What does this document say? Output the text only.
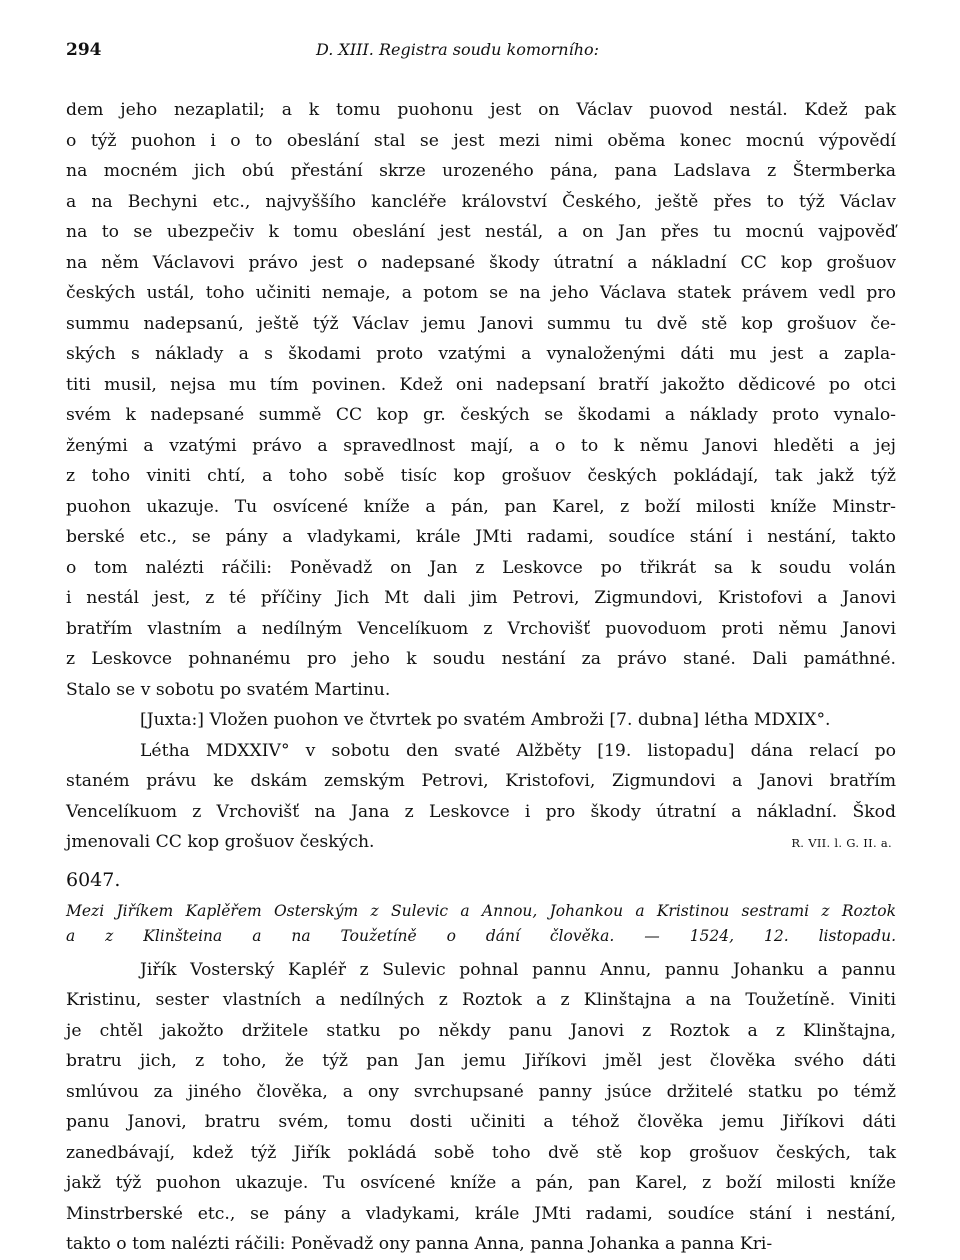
294	D. XIII. Registra soudu komorního:
dem jeho nezaplatil; a k tomu puohonu jest on Václav puovod nestál. Kdež pak
o týž puohon i o to obeslání stal se jest mezi nimi oběma konec mocnú výpovědí
na mocném jich obú přestání skrze urozeného pána, pana Ladslava z Štermberka
a na Bechyni etc., najvyššího kancléře království Českého, ještě přes to týž Václav
na to se ubezpečiv k tomu obeslání jest nestál, a on Jan přes tu mocnú vajpověď
na něm Václavovi právo jest o nadepsané škody útratní a nákladní CC kop grošuov
českých ustál, toho učiniti nemaje, a potom se na jeho Václava statek právem vedl pro
summu nadepsanú, ještě týž Václav jemu Janovi summu tu dvě stě kop grošuov če-
ských s náklady a s škodami proto vzatými a vynaloženými dáti mu jest a zapla-
titi musil, nejsa mu tím povinen. Kdež oni nadepsaní bratří jakožto dědicové po otci
svém k nadepsané summě CC kop gr. českých se škodami a náklady proto vynalo-
ženými a vzatými právo a spravedlnost mají, a o to k němu Janovi hleděti a jej
z toho viniti chtí, a toho sobě tisíc kop grošuov českých pokládají, tak jakž týž
puohon ukazuje. Tu osvícené kníže a pán, pan Karel, z boží milosti kníže Minstr-
berské etc., se pány a vladykami, krále JMti radami, soudíce stání i nestání, takto
o tom nalézti ráčili: Poněvadž on Jan z Leskovce po třikrát sa k soudu volán
i nestál jest, z té příčiny Jich Mt dali jim Petrovi, Zigmundovi, Kristofovi a Janovi
bratřím vlastním a nedílným Vencelíkuom z Vrchovišť puovoduom proti němu Janovi
z Leskovce pohnanému pro jeho k soudu nestání za právo stané. Dali památhné.
Stalo se v sobotu po svatém Martinu.
[Juxta:] Vložen puohon ve čtvrtek po svatém Ambroži [7. dubna] létha MDXIX°.
Létha MDXXIV° v sobotu den svaté Alžběty [19. listopadu] dána relací po
staném právu ke dskám zemským Petrovi, Kristofovi, Zigmundovi a Janovi bratřím
Vencelíkuom z Vrchovišť na Jana z Leskovce i pro škody útratní a nákladní. Škod
jmenovali CC kop grošuov českých.	R. VII. l. G. II. a.
6047.
Mezi Jiříkem Kaplěřem Osterským z Sulevic a Annou, Johankou a Kristinou sestrami z Roztok
a z Klinšteina a na Toužetíně o dání člověka. — 1524, 12. listopadu.
Jiřík Vosterský Kapléř z Sulevic pohnal pannu Annu, pannu Johanku a pannu
Kristinu, sester vlastních a nedílných z Roztok a z Klinštajna a na Toužetíně. Viniti
je chtěl jakožto držitele statku po někdy panu Janovi z Roztok a z Klinštajna,
bratru jich, z toho, že týž pan Jan jemu Jiříkovi jměl jest člověka svého dáti
smlúvou za jiného člověka, a ony svrchupsané panny jsúce držitelé statku po témž
panu Janovi, bratru svém, tomu dosti učiniti a téhož člověka jemu Jiříkovi dáti
zanedbávají, kdež týž Jiřík pokládá sobě toho dvě stě kop grošuov českých, tak
jakž týž puohon ukazuje. Tu osvícené kníže a pán, pan Karel, z boží milosti kníže
Minstrberské etc., se pány a vladykami, krále JMti radami, soudíce stání i nestání,
takto o tom nalézti ráčili: Poněvadž ony panna Anna, panna Johanka a panna Kri-
